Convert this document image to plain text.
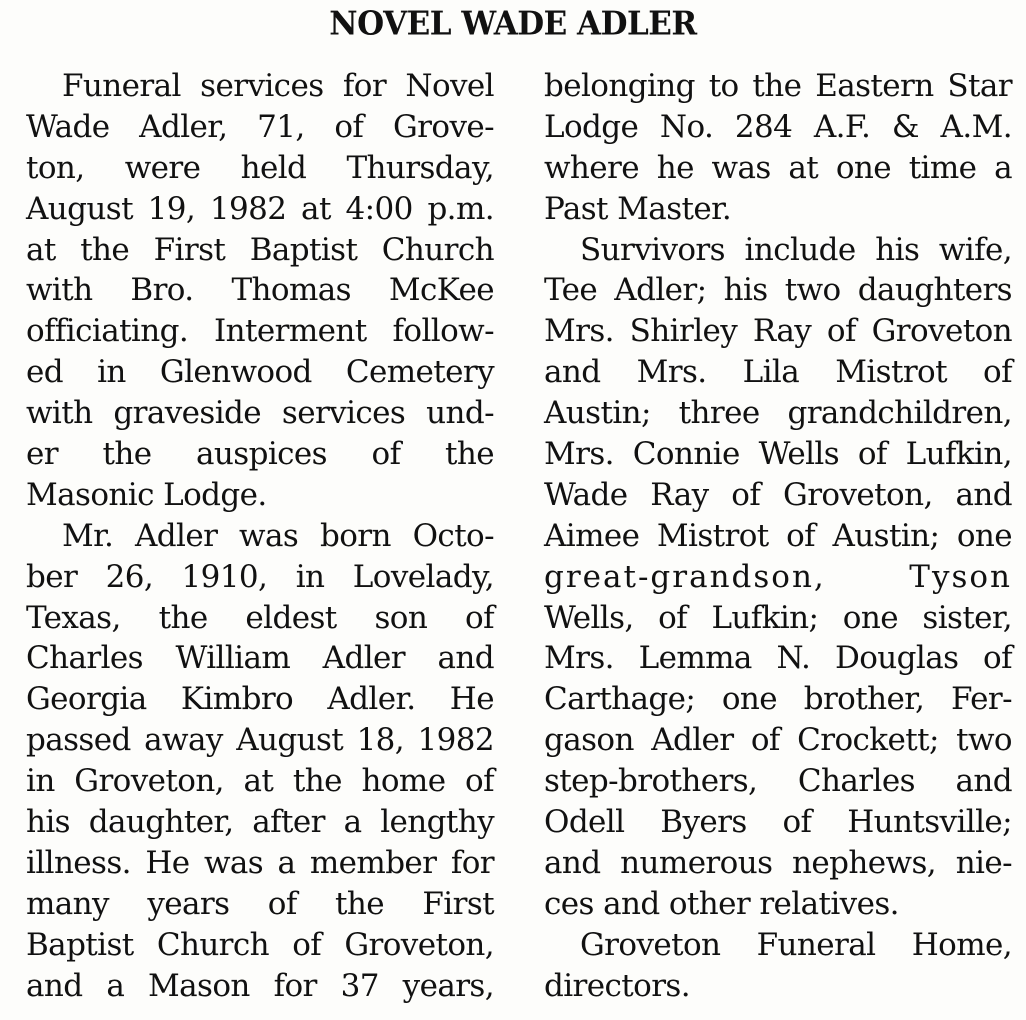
NOVEL WADE ADLER
Funeral services for Novel
Wade Adler, 71, of Grove-
ton, were held Thursday,
August 19, 1982 at 4:00 p.m.
at the First Baptist Church
with Bro. Thomas McKee
officiating. Interment follow-
ed in Glenwood Cemetery
with graveside services und-
er the auspices of the
Masonic Lodge.
Mr. Adler was born Octo-
ber 26, 1910, in Lovelady,
Texas, the eldest son of
Charles William Adler and
Georgia Kimbro Adler. He
passed away August 18, 1982
in Groveton, at the home of
his daughter, after a lengthy
illness. He was a member for
many years of the First
Baptist Church of Groveton,
and a Mason for 37 years,
belonging to the Eastern Star
Lodge No. 284 A.F. & A.M.
where he was at one time a
Past Master.
Survivors include his wife,
Tee Adler; his two daughters
Mrs. Shirley Ray of Groveton
and Mrs. Lila Mistrot of
Austin; three grandchildren,
Mrs. Connie Wells of Lufkin,
Wade Ray of Groveton, and
Aimee Mistrot of Austin; one
great-grandson, Tyson
Wells, of Lufkin; one sister,
Mrs. Lemma N. Douglas of
Carthage; one brother, Fer-
gason Adler of Crockett; two
step-brothers, Charles and
Odell Byers of Huntsville;
and numerous nephews, nie-
ces and other relatives.
Groveton Funeral Home,
directors.
